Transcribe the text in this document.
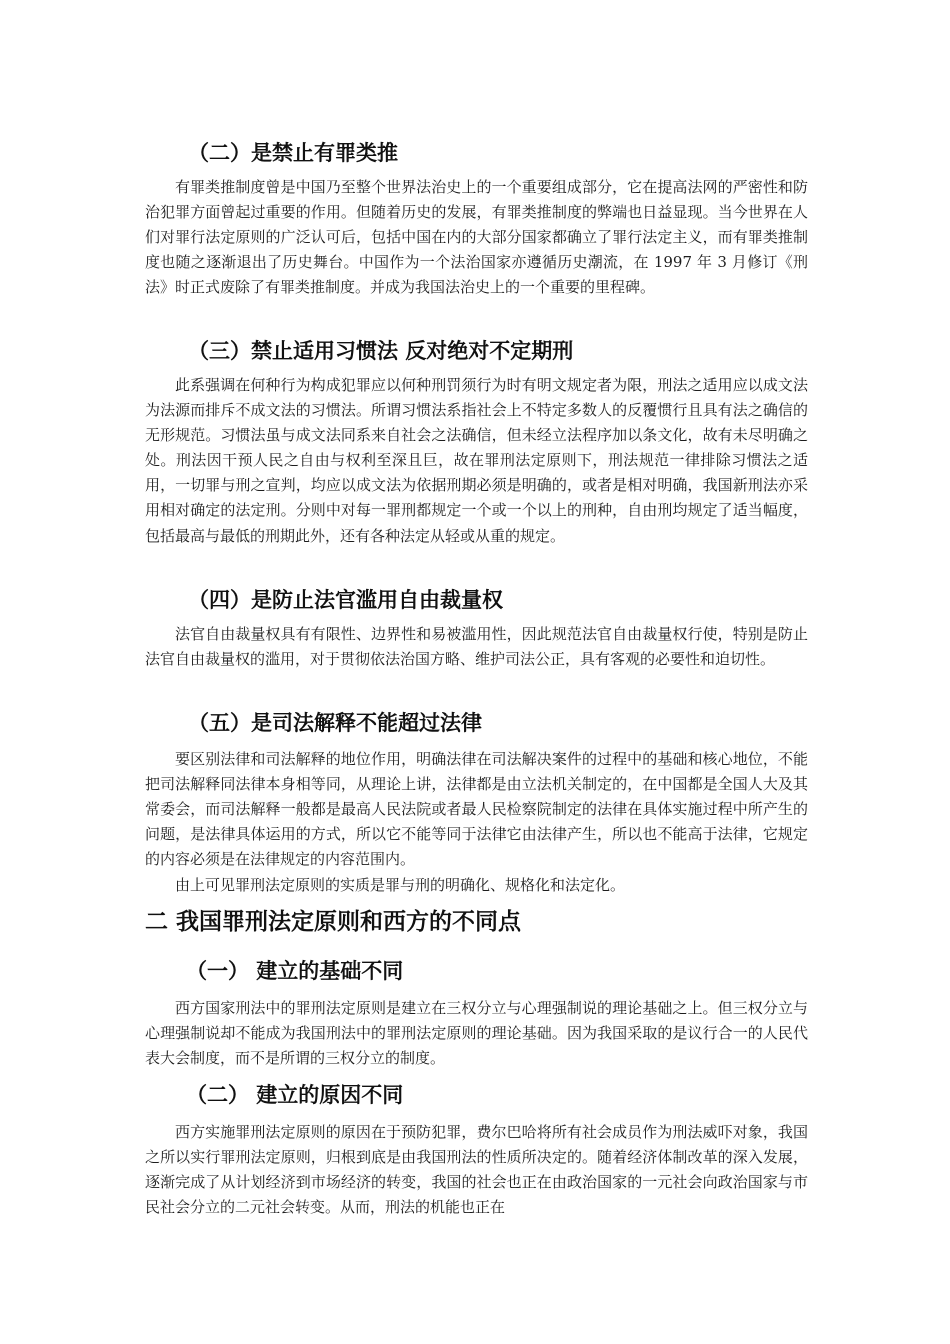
（二）是禁止有罪类推

有罪类推制度曾是中国乃至整个世界法治史上的一个重要组成部分，它在提高法网的严密性和防治犯罪方面曾起过重要的作用。但随着历史的发展，有罪类推制度的弊端也日益显现。当今世界在人们对罪行法定原则的广泛认可后，包括中国在内的大部分国家都确立了罪行法定主义，而有罪类推制度也随之逐渐退出了历史舞台。中国作为一个法治国家亦遵循历史潮流，在 1997 年 3 月修订《刑法》时正式废除了有罪类推制度。并成为我国法治史上的一个重要的里程碑。

（三）禁止适用习惯法 反对绝对不定期刑

此系强调在何种行为构成犯罪应以何种刑罚须行为时有明文规定者为限，刑法之适用应以成文法为法源而排斥不成文法的习惯法。所谓习惯法系指社会上不特定多数人的反覆惯行且具有法之确信的无形规范。习惯法虽与成文法同系来自社会之法确信，但未经立法程序加以条文化，故有未尽明确之处。刑法因干预人民之自由与权利至深且巨，故在罪刑法定原则下，刑法规范一律排除习惯法之适用，一切罪与刑之宣判，均应以成文法为依据刑期必须是明确的，或者是相对明确，我国新刑法亦采用相对确定的法定刑。分则中对每一罪刑都规定一个或一个以上的刑种，自由刑均规定了适当幅度，包括最高与最低的刑期此外，还有各种法定从轻或从重的规定。

（四）是防止法官滥用自由裁量权

法官自由裁量权具有有限性、边界性和易被滥用性，因此规范法官自由裁量权行使，特别是防止法官自由裁量权的滥用，对于贯彻依法治国方略、维护司法公正，具有客观的必要性和迫切性。

（五）是司法解释不能超过法律

要区别法律和司法解释的地位作用，明确法律在司法解决案件的过程中的基础和核心地位，不能把司法解释同法律本身相等同，从理论上讲，法律都是由立法机关制定的，在中国都是全国人大及其常委会，而司法解释一般都是最高人民法院或者最人民检察院制定的法律在具体实施过程中所产生的问题，是法律具体运用的方式，所以它不能等同于法律它由法律产生，所以也不能高于法律，它规定的内容必须是在法律规定的内容范围内。

由上可见罪刑法定原则的实质是罪与刑的明确化、规格化和法定化。

二 我国罪刑法定原则和西方的不同点
（一） 建立的基础不同

西方国家刑法中的罪刑法定原则是建立在三权分立与心理强制说的理论基础之上。但三权分立与心理强制说却不能成为我国刑法中的罪刑法定原则的理论基础。因为我国采取的是议行合一的人民代表大会制度，而不是所谓的三权分立的制度。

（二） 建立的原因不同

西方实施罪刑法定原则的原因在于预防犯罪，费尔巴哈将所有社会成员作为刑法威吓对象，我国之所以实行罪刑法定原则，归根到底是由我国刑法的性质所决定的。随着经济体制改革的深入发展，逐渐完成了从计划经济到市场经济的转变，我国的社会也正在由政治国家的一元社会向政治国家与市民社会分立的二元社会转变。从而，刑法的机能也正在
